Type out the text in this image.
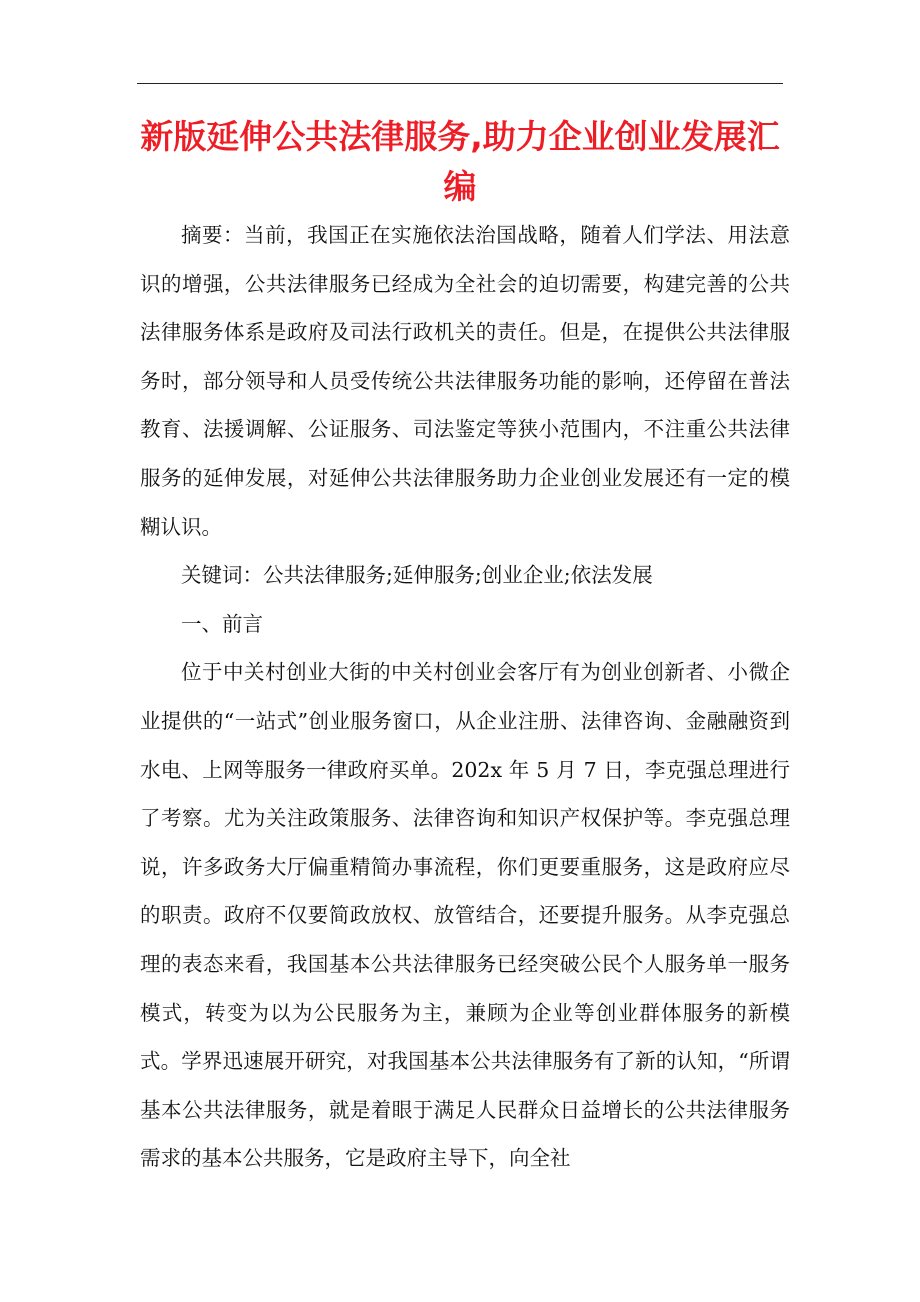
新版延伸公共法律服务,助力企业创业发展汇编

摘要：当前，我国正在实施依法治国战略，随着人们学法、用法意识的增强，公共法律服务已经成为全社会的迫切需要，构建完善的公共法律服务体系是政府及司法行政机关的责任。但是，在提供公共法律服务时，部分领导和人员受传统公共法律服务功能的影响，还停留在普法教育、法援调解、公证服务、司法鉴定等狭小范围内，不注重公共法律服务的延伸发展，对延伸公共法律服务助力企业创业发展还有一定的模糊认识。

关键词：公共法律服务;延伸服务;创业企业;依法发展

一、前言

位于中关村创业大街的中关村创业会客厅有为创业创新者、小微企业提供的“一站式”创业服务窗口，从企业注册、法律咨询、金融融资到水电、上网等服务一律政府买单。202x 年 5 月 7 日，李克强总理进行了考察。尤为关注政策服务、法律咨询和知识产权保护等。李克强总理说，许多政务大厅偏重精简办事流程，你们更要重服务，这是政府应尽的职责。政府不仅要简政放权、放管结合，还要提升服务。从李克强总理的表态来看，我国基本公共法律服务已经突破公民个人服务单一服务模式，转变为以为公民服务为主，兼顾为企业等创业群体服务的新模式。学界迅速展开研究，对我国基本公共法律服务有了新的认知，“所谓基本公共法律服务，就是着眼于满足人民群众日益增长的公共法律服务需求的基本公共服务，它是政府主导下，向全社
